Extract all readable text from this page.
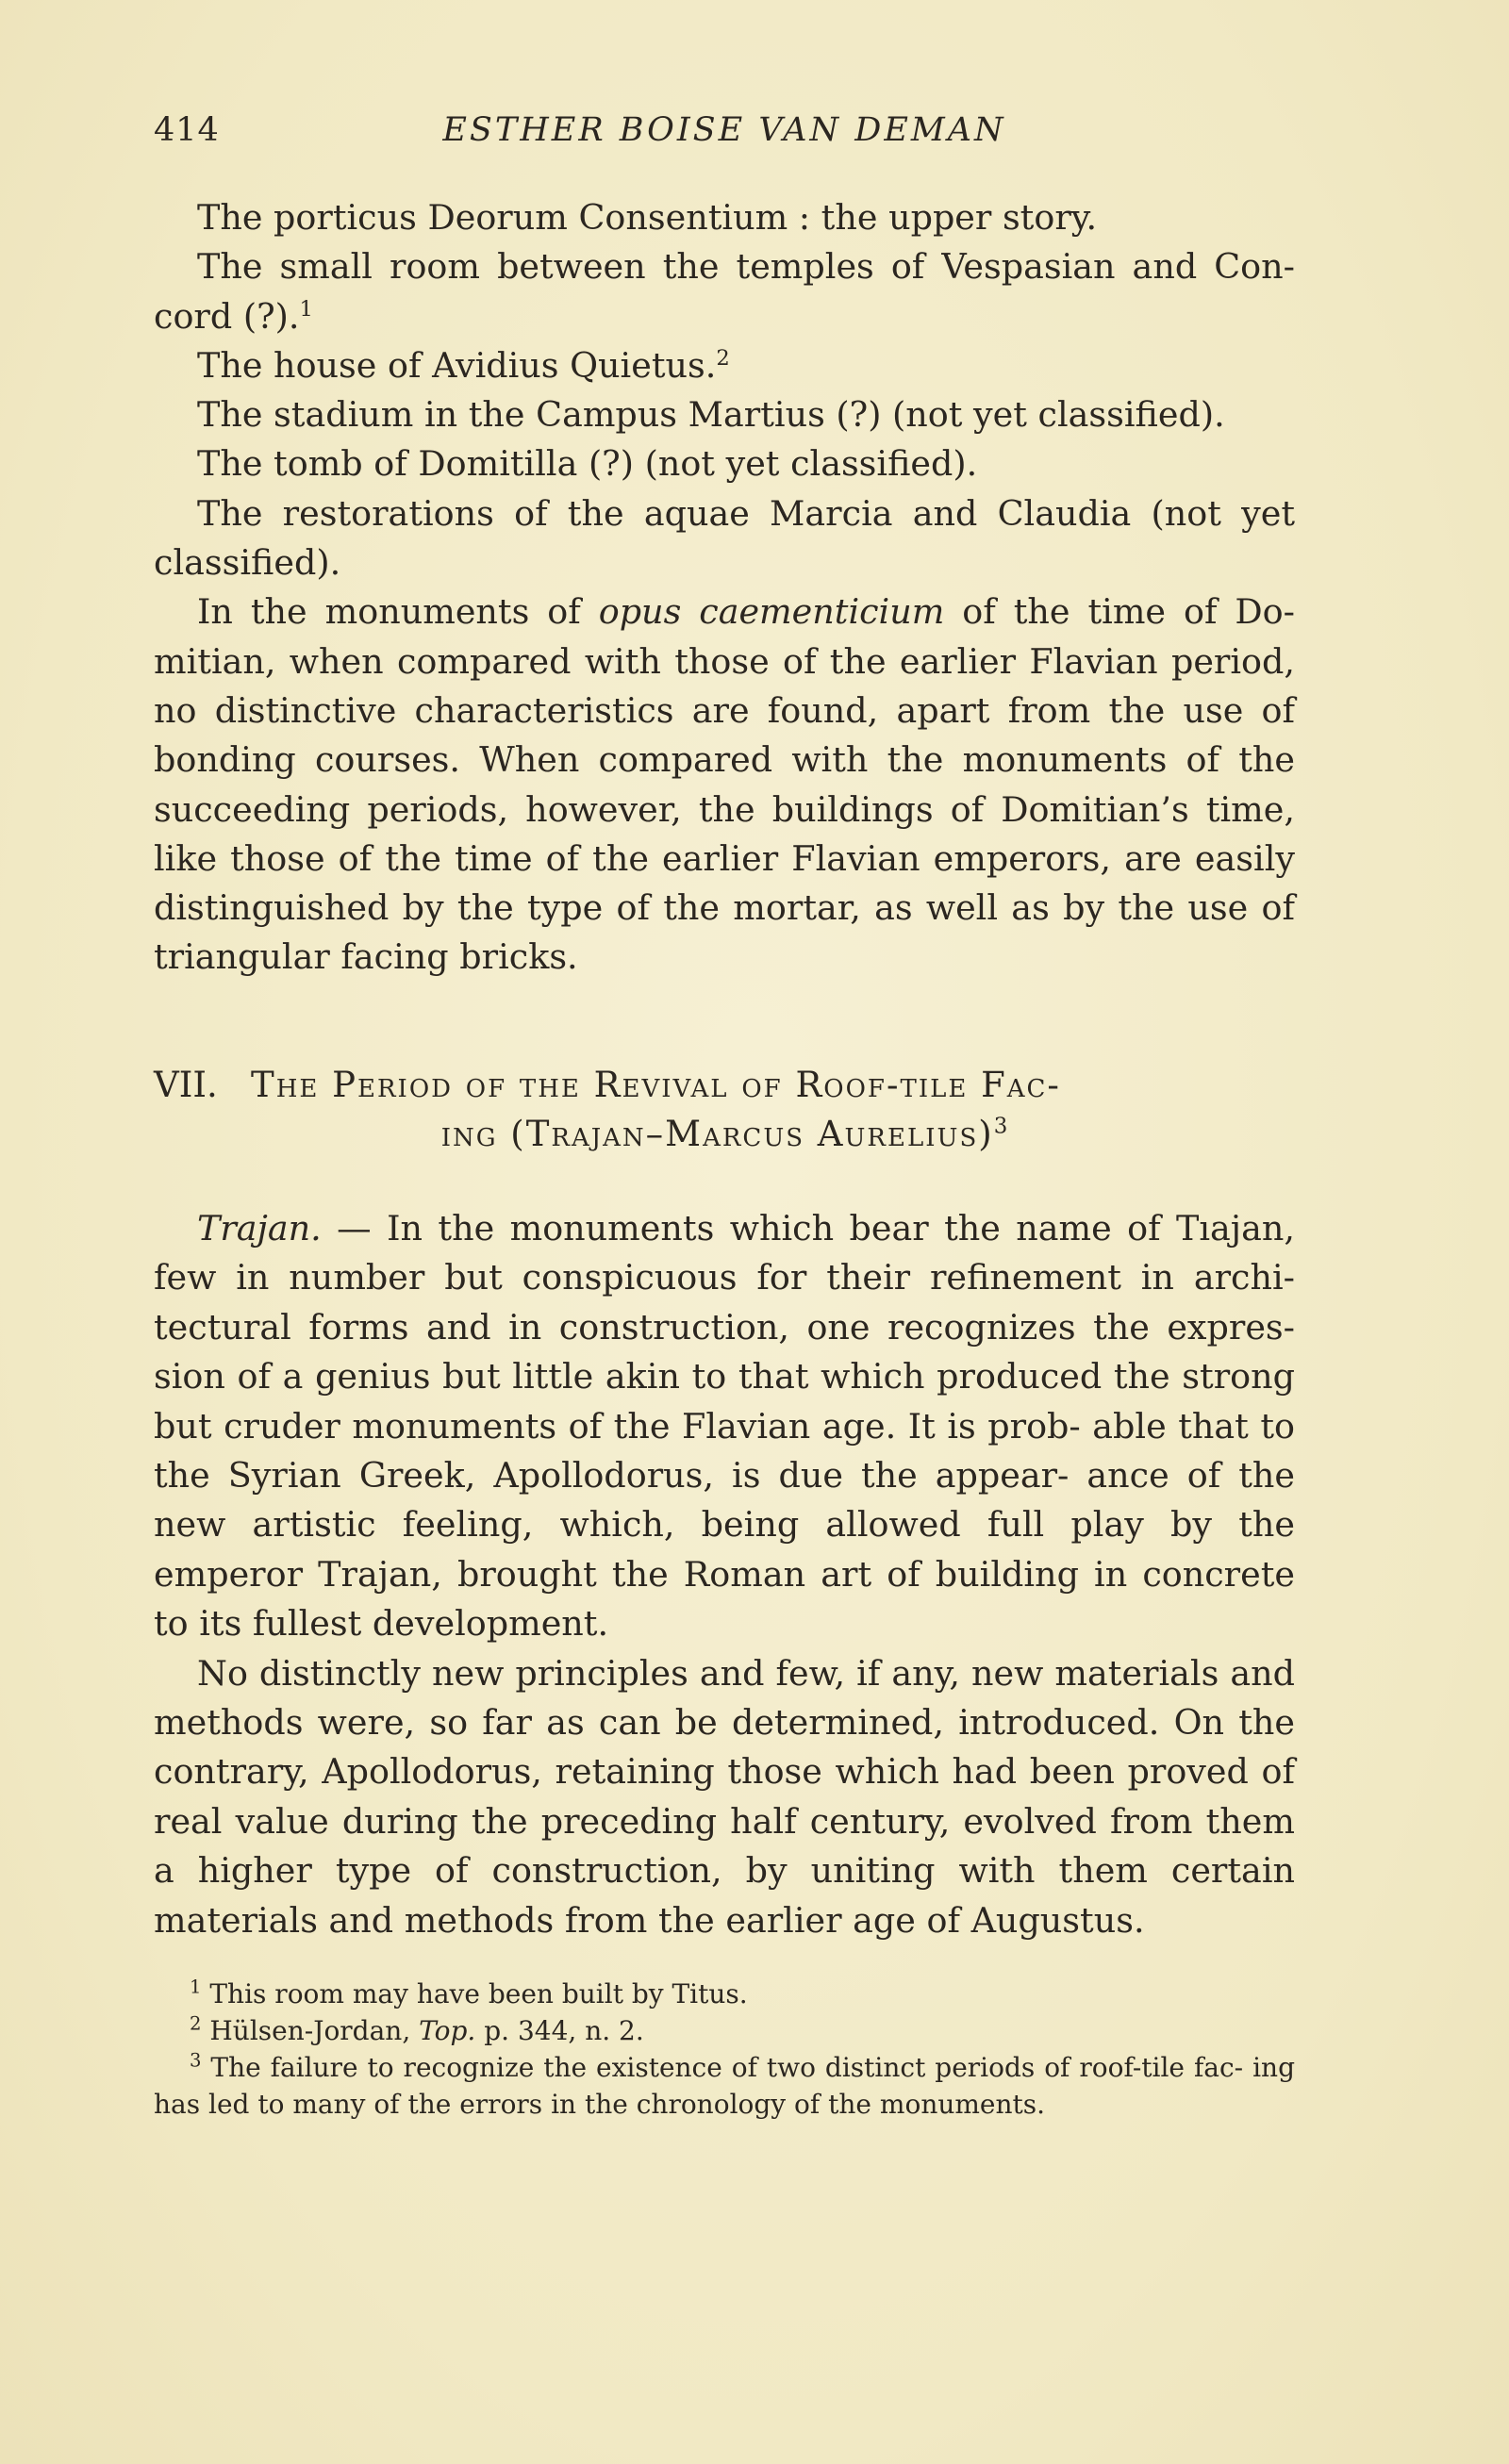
414	ESTHER BOISE VAN DEMAN

The porticus Deorum Consentium : the upper story.

The small room between the temples of Vespasian and Con- cord (?).$^1$

The house of Avidius Quietus.$^2$

The stadium in the Campus Martius (?) (not yet classified).

The tomb of Domitilla (?) (not yet classified).

The restorations of the aquae Marcia and Claudia (not yet classified).

In the monuments of opus caementicium of the time of Do- mitian, when compared with those of the earlier Flavian period, no distinctive characteristics are found, apart from the use of bonding courses. When compared with the monuments of the succeeding periods, however, the buildings of Domitian’s time, like those of the time of the earlier Flavian emperors, are easily distinguished by the type of the mortar, as well as by the use of triangular facing bricks.

VII. The Period of the Revival of Roof-tile Fac-
ing (Trajan–Marcus Aurelius)$^3$

Trajan. — In the monuments which bear the name of Tıajan, few in number but conspicuous for their refinement in archi- tectural forms and in construction, one recognizes the expres- sion of a genius but little akin to that which produced the strong but cruder monuments of the Flavian age. It is prob- able that to the Syrian Greek, Apollodorus, is due the appear- ance of the new artistic feeling, which, being allowed full play by the emperor Trajan, brought the Roman art of building in concrete to its fullest development.

No distinctly new principles and few, if any, new materials and methods were, so far as can be determined, introduced. On the contrary, Apollodorus, retaining those which had been proved of real value during the preceding half century, evolved from them a higher type of construction, by uniting with them certain materials and methods from the earlier age of Augustus.

$^1$ This room may have been built by Titus.

$^2$ Hülsen-Jordan, Top. p. 344, n. 2.

$^3$ The failure to recognize the existence of two distinct periods of roof-tile fac- ing has led to many of the errors in the chronology of the monuments.
